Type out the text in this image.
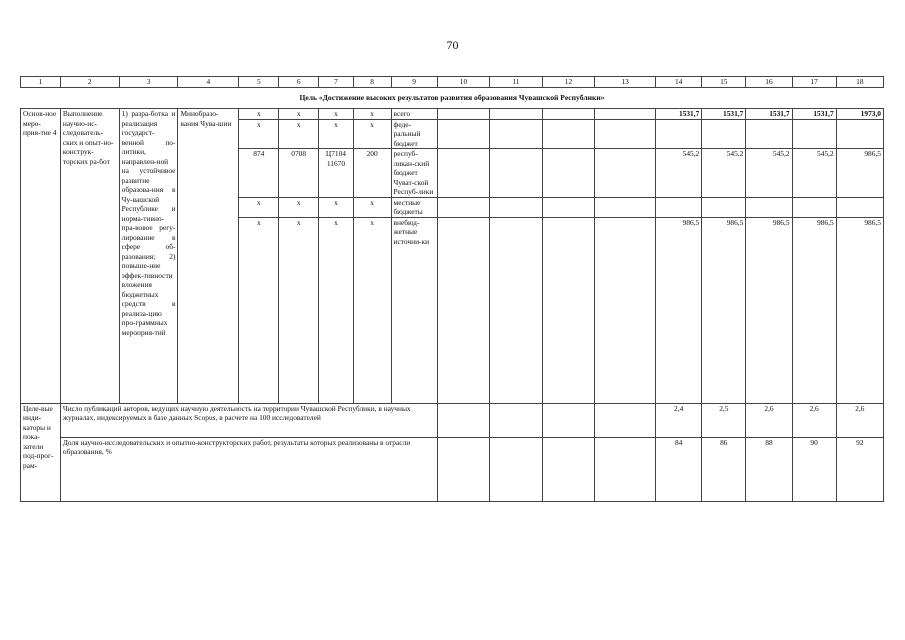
70
1	2	3	4	5	6	7	8	9	10	11	12	13	14	15	16	17	18
Цель «Достижение высоких результатов развития образования Чувашской Республики»																	
Основ-ное меро-прия-тие 4	Выполнение научно-ис-следователь-ских и опыт-но-конструк-торских ра-бот	1) разра-ботка и реализация государст-венной по-литики, направлен-ной на устойчивое развитие образова-ния в Чу-вашской Республике и норма-тивно-пра-вовое регу-лирование в сфере об-разования; 2) повыше-ние эффек-тивности вложения бюджетных средств в реализа-цию про-граммных мероприя-тий	Минобразо-вания Чува-шии	x	x	x	x	всего					1531,7	1531,7	1531,7	1531,7	1973,0
				x	x	x	x	феде-ральный бюджет									
				874	0708	Ц7104 11670	200	респуб-ликан-ский бюджет Чуват-ской Респуб-лики					545,2	545,2	545,2	545,2	986,5
				x	x	x	x	местные бюджеты									
				x	x	x	x	внебюд-жетные источни-ки					986,5	986,5	986,5	986,5	986,5
Целе-вые инди-каторы и пока-затели под-прог-рам-	Число публикаций авторов, ведущих научную деятельность на территории Чувашской Республики, в научных журналах, индексируемых в базе данных Scopus, в расчете на 100 исследователей												2,4	2,5	2,6	2,6	2,6
	Доля научно-исследовательских и опытно-конструкторских работ, результаты которых реализованы в отрасли образования, %												84	86	88	90	92
